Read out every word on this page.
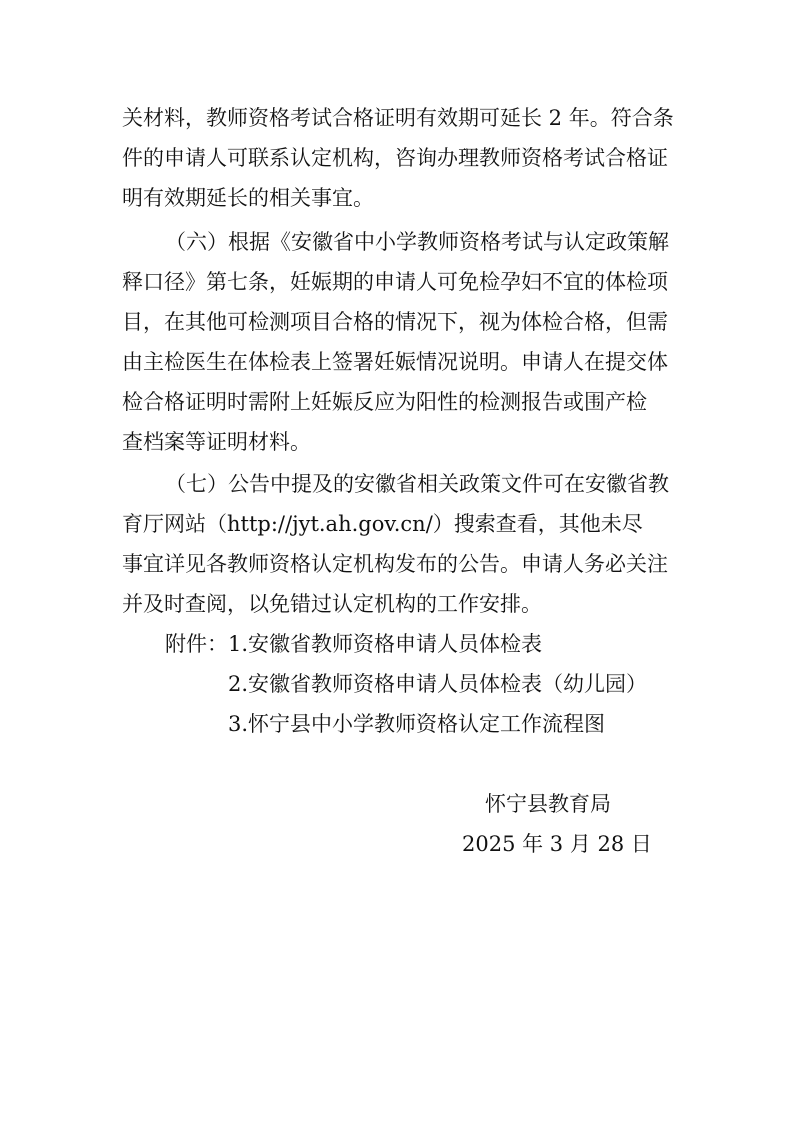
关材料，教师资格考试合格证明有效期可延长 2 年。符合条
件的申请人可联系认定机构，咨询办理教师资格考试合格证
明有效期延长的相关事宜。
（六）根据《安徽省中小学教师资格考试与认定政策解
释口径》第七条，妊娠期的申请人可免检孕妇不宜的体检项
目，在其他可检测项目合格的情况下，视为体检合格，但需
由主检医生在体检表上签署妊娠情况说明。申请人在提交体
检合格证明时需附上妊娠反应为阳性的检测报告或围产检
查档案等证明材料。
（七）公告中提及的安徽省相关政策文件可在安徽省教
育厅网站（http://jyt.ah.gov.cn/）搜索查看，其他未尽
事宜详见各教师资格认定机构发布的公告。申请人务必关注
并及时查阅，以免错过认定机构的工作安排。
附件： 1.安徽省教师资格申请人员体检表
2.安徽省教师资格申请人员体检表（幼儿园）
3.怀宁县中小学教师资格认定工作流程图
怀宁县教育局
2025 年 3 月 28 日
